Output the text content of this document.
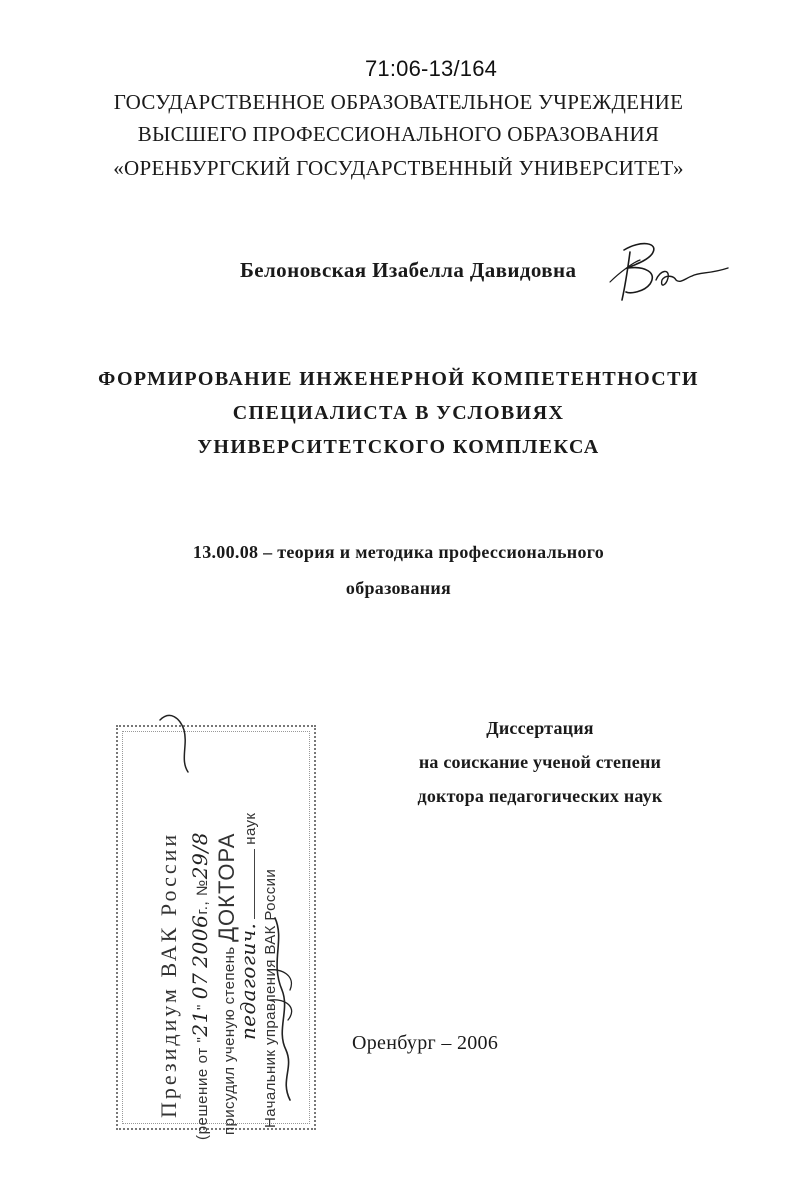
71:06-13/164
ГОСУДАРСТВЕННОЕ ОБРАЗОВАТЕЛЬНОЕ УЧРЕЖДЕНИЕ
ВЫСШЕГО ПРОФЕССИОНАЛЬНОГО ОБРАЗОВАНИЯ
«ОРЕНБУРГСКИЙ ГОСУДАРСТВЕННЫЙ УНИВЕРСИТЕТ»
Белоновская Изабелла Давидовна
ФОРМИРОВАНИЕ ИНЖЕНЕРНОЙ КОМПЕТЕНТНОСТИ
СПЕЦИАЛИСТА В УСЛОВИЯХ
УНИВЕРСИТЕТСКОГО КОМПЛЕКСА
13.00.08 – теория и методика профессионального
образования
Диссертация
на соискание ученой степени
доктора педагогических наук
Оренбург – 2006
Президиум ВАК России (решение от "21" 07 2006г., №29/8
присудил ученую степень ДОКТОРА
педагогич.наук
Начальник управления ВАК России
